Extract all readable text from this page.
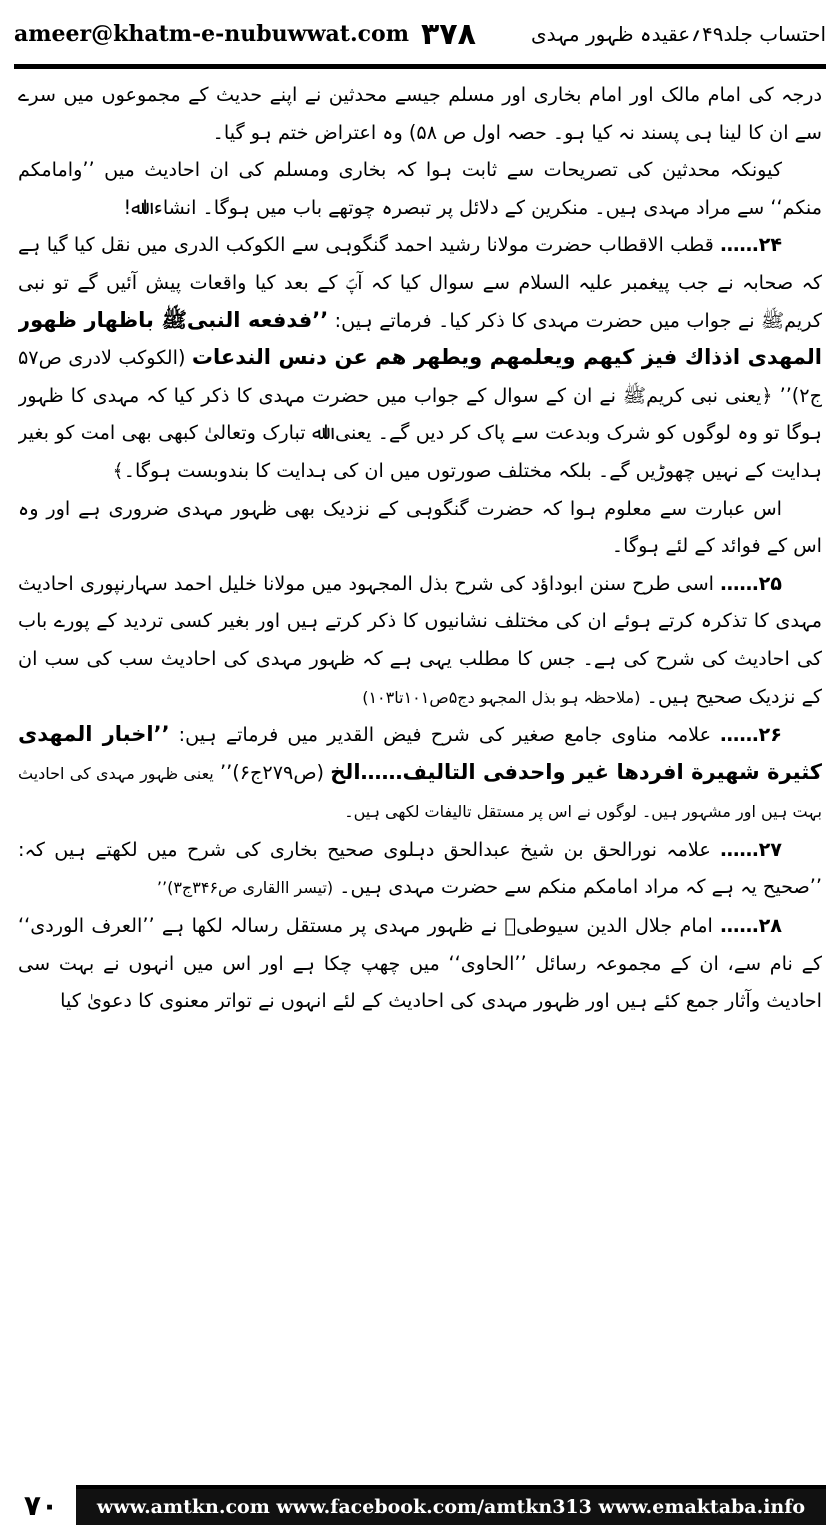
ameer@khatm-e-nubuwwat.com ۳۷۸	احتساب جلد۴۹؍عقیدہ ظہور مہدی

درجہ کی امام مالک اور امام بخاری اور مسلم جیسے محدثین نے اپنے حدیث کے مجموعوں میں سرے سے ان کا لینا ہی پسند نہ کیا ہو۔ حصہ اول ص ۵۸) وہ اعتراض ختم ہو گیا۔

کیونکہ محدثین کی تصریحات سے ثابت ہوا کہ بخاری ومسلم کی ان احادیث میں ’’وامامکم منکم‘‘ سے مراد مہدی ہیں۔ منکرین کے دلائل پر تبصرہ چوتھے باب میں ہوگا۔ انشاء اﷲ!

۲۴…… قطب الاقطاب حضرت مولانا رشید احمد گنگوہی سے الکوکب الدری میں نقل کیا گیا ہے کہ صحابہ نے جب پیغمبر علیہ السلام سے سوال کیا کہ آپؐ کے بعد کیا واقعات پیش آئیں گے تو نبی کریمﷺ نے جواب میں حضرت مہدی کا ذکر کیا۔ فرماتے ہیں: ’’فدفعه النبیﷺ باظهار ظهور المهدی اذذاك فیز کیهم ویعلمهم ویطهر هم عن دنس الندعات (الکوکب لادری ص۵۷ ج۲)’’ ﴿یعنی نبی کریمﷺ نے ان کے سوال کے جواب میں حضرت مہدی کا ذکر کیا کہ مہدی کا ظہور ہوگا تو وہ لوگوں کو شرک وبدعت سے پاک کر دیں گے۔ یعنی اﷲ تبارک وتعالیٰ کبھی بھی امت کو بغیر ہدایت کے نہیں چھوڑیں گے۔ بلکہ مختلف صورتوں میں ان کی ہدایت کا بندوبست ہوگا۔﴾

اس عبارت سے معلوم ہوا کہ حضرت گنگوہی کے نزدیک بھی ظہور مہدی ضروری ہے اور وہ اس کے فوائد کے لئے ہوگا۔

۲۵…… اسی طرح سنن ابوداؤد کی شرح بذل المجہود میں مولانا خلیل احمد سہارنپوری احادیث مہدی کا تذکرہ کرتے ہوئے ان کی مختلف نشانیوں کا ذکر کرتے ہیں اور بغیر کسی تردید کے پورے باب کی احادیث کی شرح کی ہے۔ جس کا مطلب یہی ہے کہ ظہور مہدی کی احادیث سب کی سب ان کے نزدیک صحیح ہیں۔ (ملاحظہ ہو بذل المجہو دج۵ص۱۰۱تا۱۰۳)

۲۶…… علامہ مناوی جامع صغیر کی شرح فیض القدیر میں فرماتے ہیں: ’’اخبار المهدی کثیرة شهیرة افردها غیر واحدفی التالیف……الخ (ص۲۷۹ج۶)’’ یعنی ظہور مہدی کی احادیث بہت ہیں اور مشہور ہیں۔ لوگوں نے اس پر مستقل تالیفات لکھی ہیں۔

۲۷…… علامہ نورالحق بن شیخ عبدالحق دہلوی صحیح بخاری کی شرح میں لکھتے ہیں کہ: ’’صحیح یہ ہے کہ مراد امامکم منکم سے حضرت مہدی ہیں۔ (تیسر االقاری ص۳۴۶ج۳)’’

۲۸…… امام جلال الدین سیوطیؒ نے ظہور مہدی پر مستقل رسالہ لکھا ہے ’’العرف الوردی‘‘ کے نام سے، ان کے مجموعہ رسائل ’’الحاوی‘‘ میں چھپ چکا ہے اور اس میں انہوں نے بہت سی احادیث وآثار جمع کئے ہیں اور ظہور مہدی کی احادیث کے لئے انہوں نے تواتر معنوی کا دعویٰ کیا

۷۰	www.amtkn.com www.facebook.com/amtkn313 www.emaktaba.info
